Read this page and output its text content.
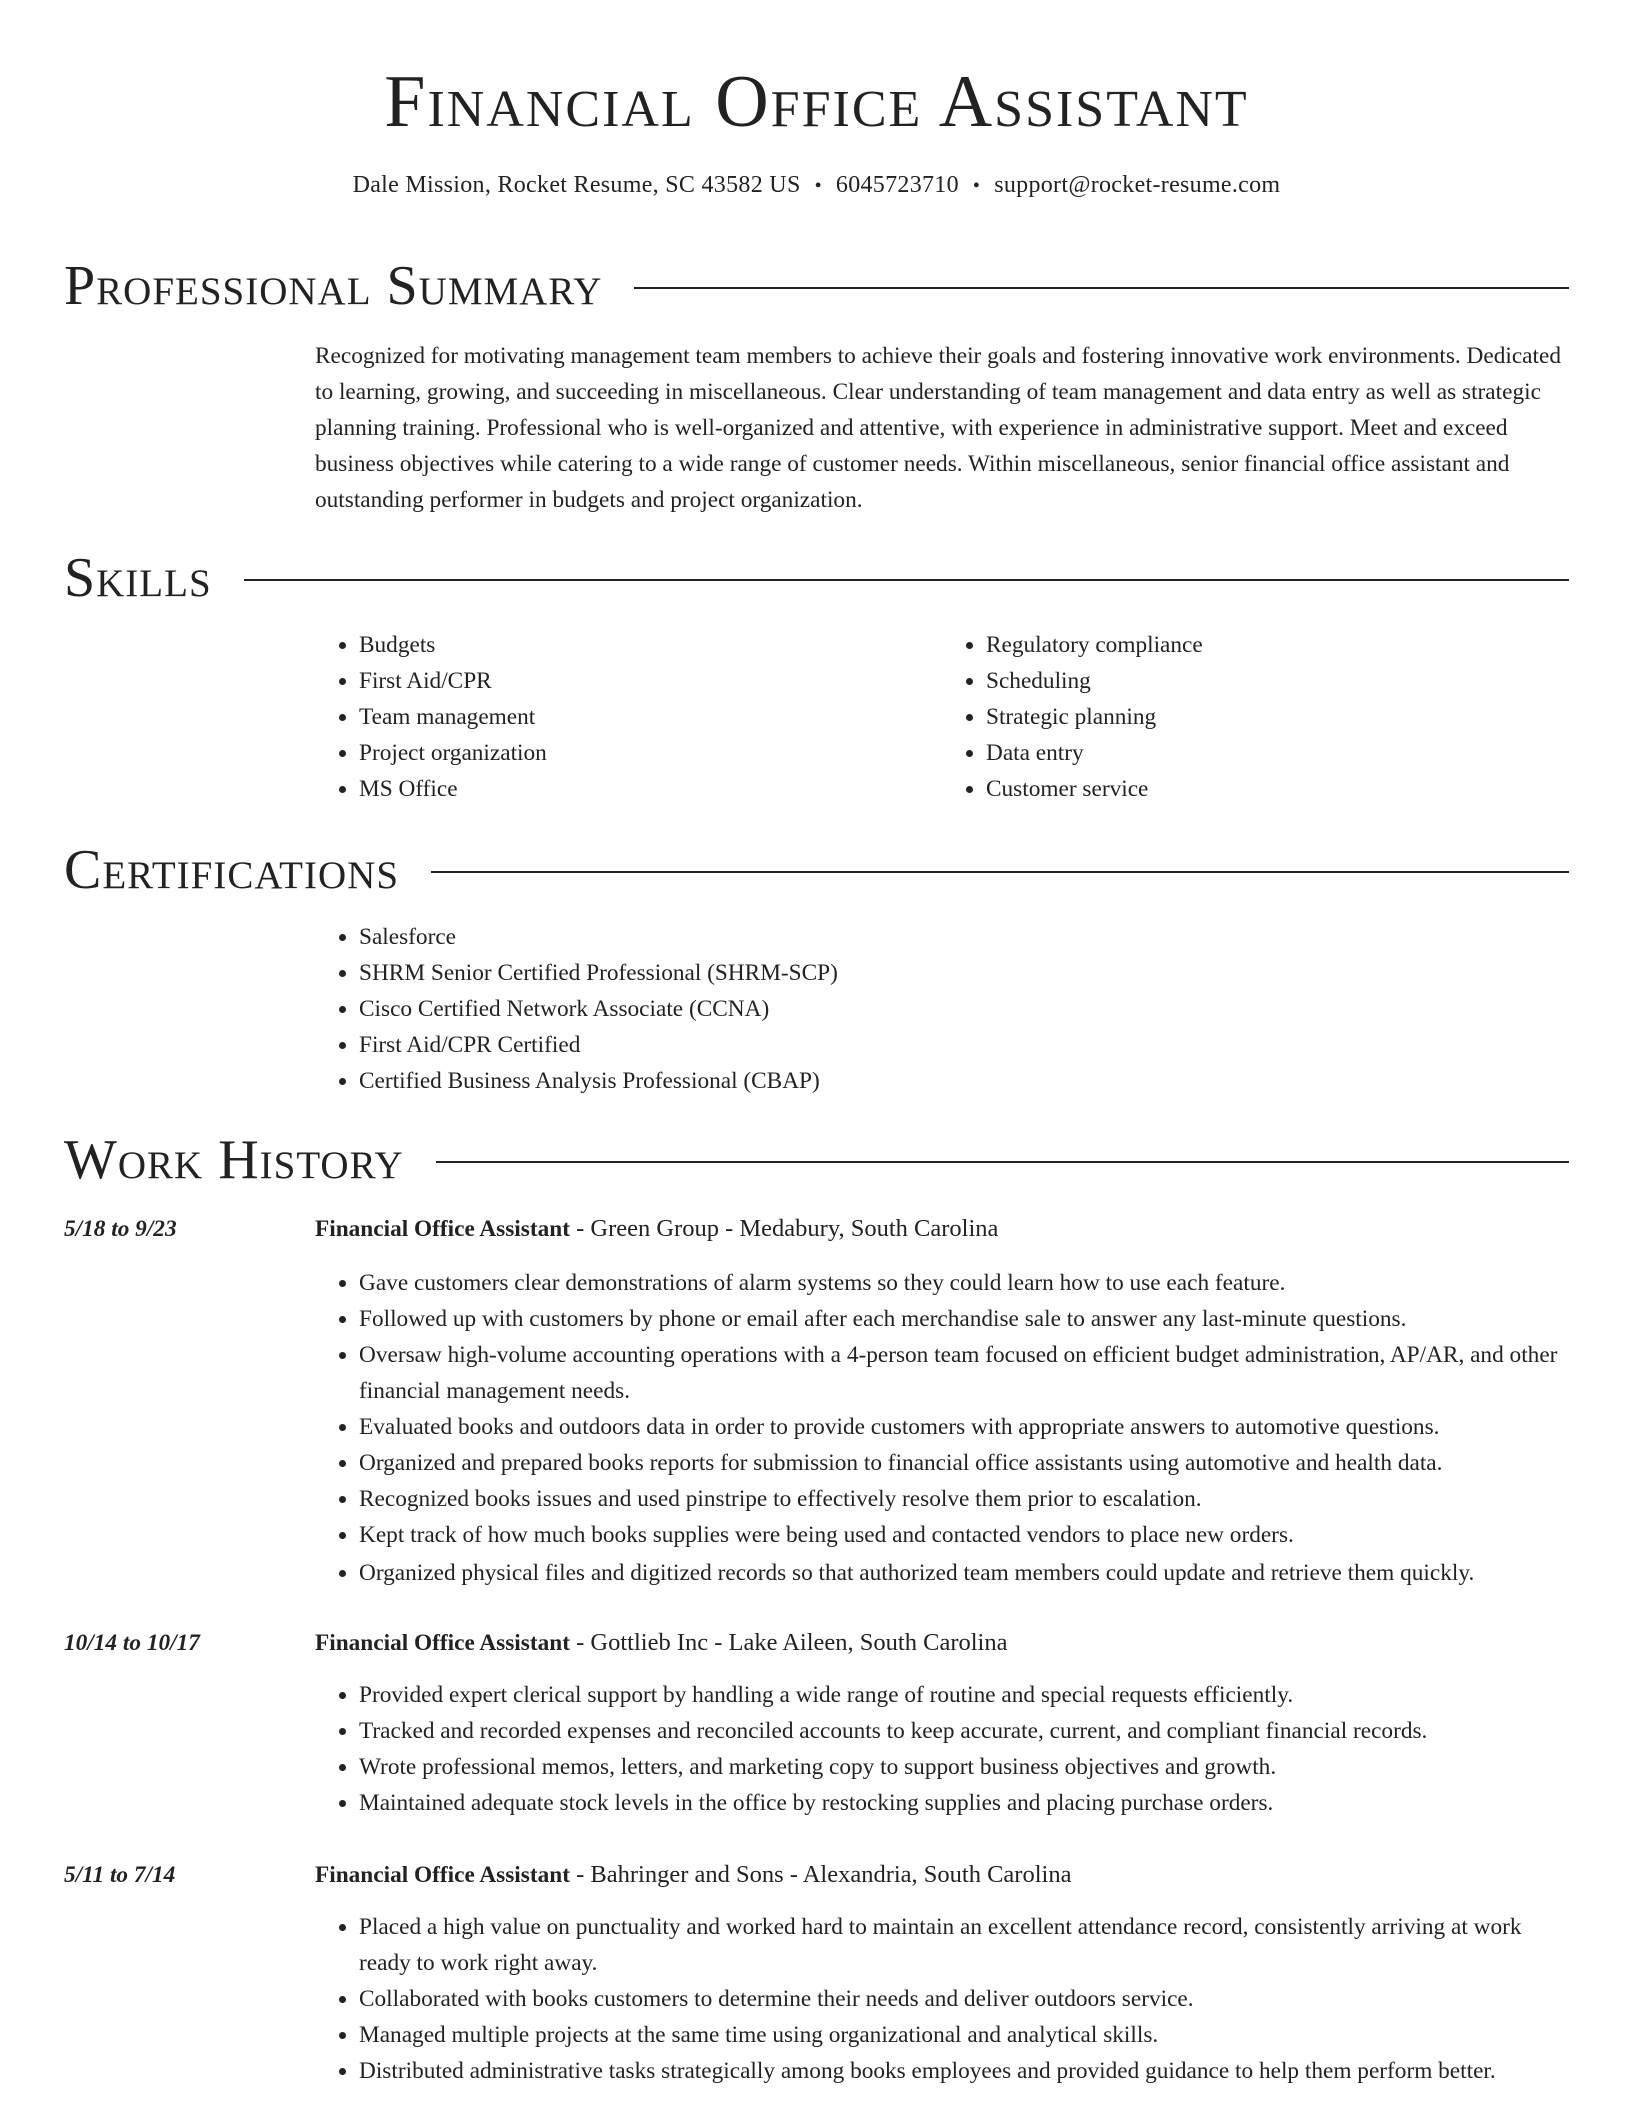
Financial Office Assistant
Dale Mission, Rocket Resume, SC 43582 US • 6045723710 • support@rocket-resume.com
Professional Summary
Recognized for motivating management team members to achieve their goals and fostering innovative work environments. Dedicated to learning, growing, and succeeding in miscellaneous. Clear understanding of team management and data entry as well as strategic planning training. Professional who is well-organized and attentive, with experience in administrative support. Meet and exceed business objectives while catering to a wide range of customer needs. Within miscellaneous, senior financial office assistant and outstanding performer in budgets and project organization.
Skills
• Budgets
• First Aid/CPR
• Team management
• Project organization
• MS Office
• Regulatory compliance
• Scheduling
• Strategic planning
• Data entry
• Customer service
Certifications
• Salesforce
• SHRM Senior Certified Professional (SHRM-SCP)
• Cisco Certified Network Associate (CCNA)
• First Aid/CPR Certified
• Certified Business Analysis Professional (CBAP)
Work History
5/18 to 9/23	Financial Office Assistant - Green Group - Medabury, South Carolina
• Gave customers clear demonstrations of alarm systems so they could learn how to use each feature.
• Followed up with customers by phone or email after each merchandise sale to answer any last-minute questions.
• Oversaw high-volume accounting operations with a 4-person team focused on efficient budget administration, AP/AR, and other financial management needs.
• Evaluated books and outdoors data in order to provide customers with appropriate answers to automotive questions.
• Organized and prepared books reports for submission to financial office assistants using automotive and health data.
• Recognized books issues and used pinstripe to effectively resolve them prior to escalation.
• Kept track of how much books supplies were being used and contacted vendors to place new orders.
• Organized physical files and digitized records so that authorized team members could update and retrieve them quickly.
10/14 to 10/17	Financial Office Assistant - Gottlieb Inc - Lake Aileen, South Carolina
• Provided expert clerical support by handling a wide range of routine and special requests efficiently.
• Tracked and recorded expenses and reconciled accounts to keep accurate, current, and compliant financial records.
• Wrote professional memos, letters, and marketing copy to support business objectives and growth.
• Maintained adequate stock levels in the office by restocking supplies and placing purchase orders.
5/11 to 7/14	Financial Office Assistant - Bahringer and Sons - Alexandria, South Carolina
• Placed a high value on punctuality and worked hard to maintain an excellent attendance record, consistently arriving at work ready to work right away.
• Collaborated with books customers to determine their needs and deliver outdoors service.
• Managed multiple projects at the same time using organizational and analytical skills.
• Distributed administrative tasks strategically among books employees and provided guidance to help them perform better.
